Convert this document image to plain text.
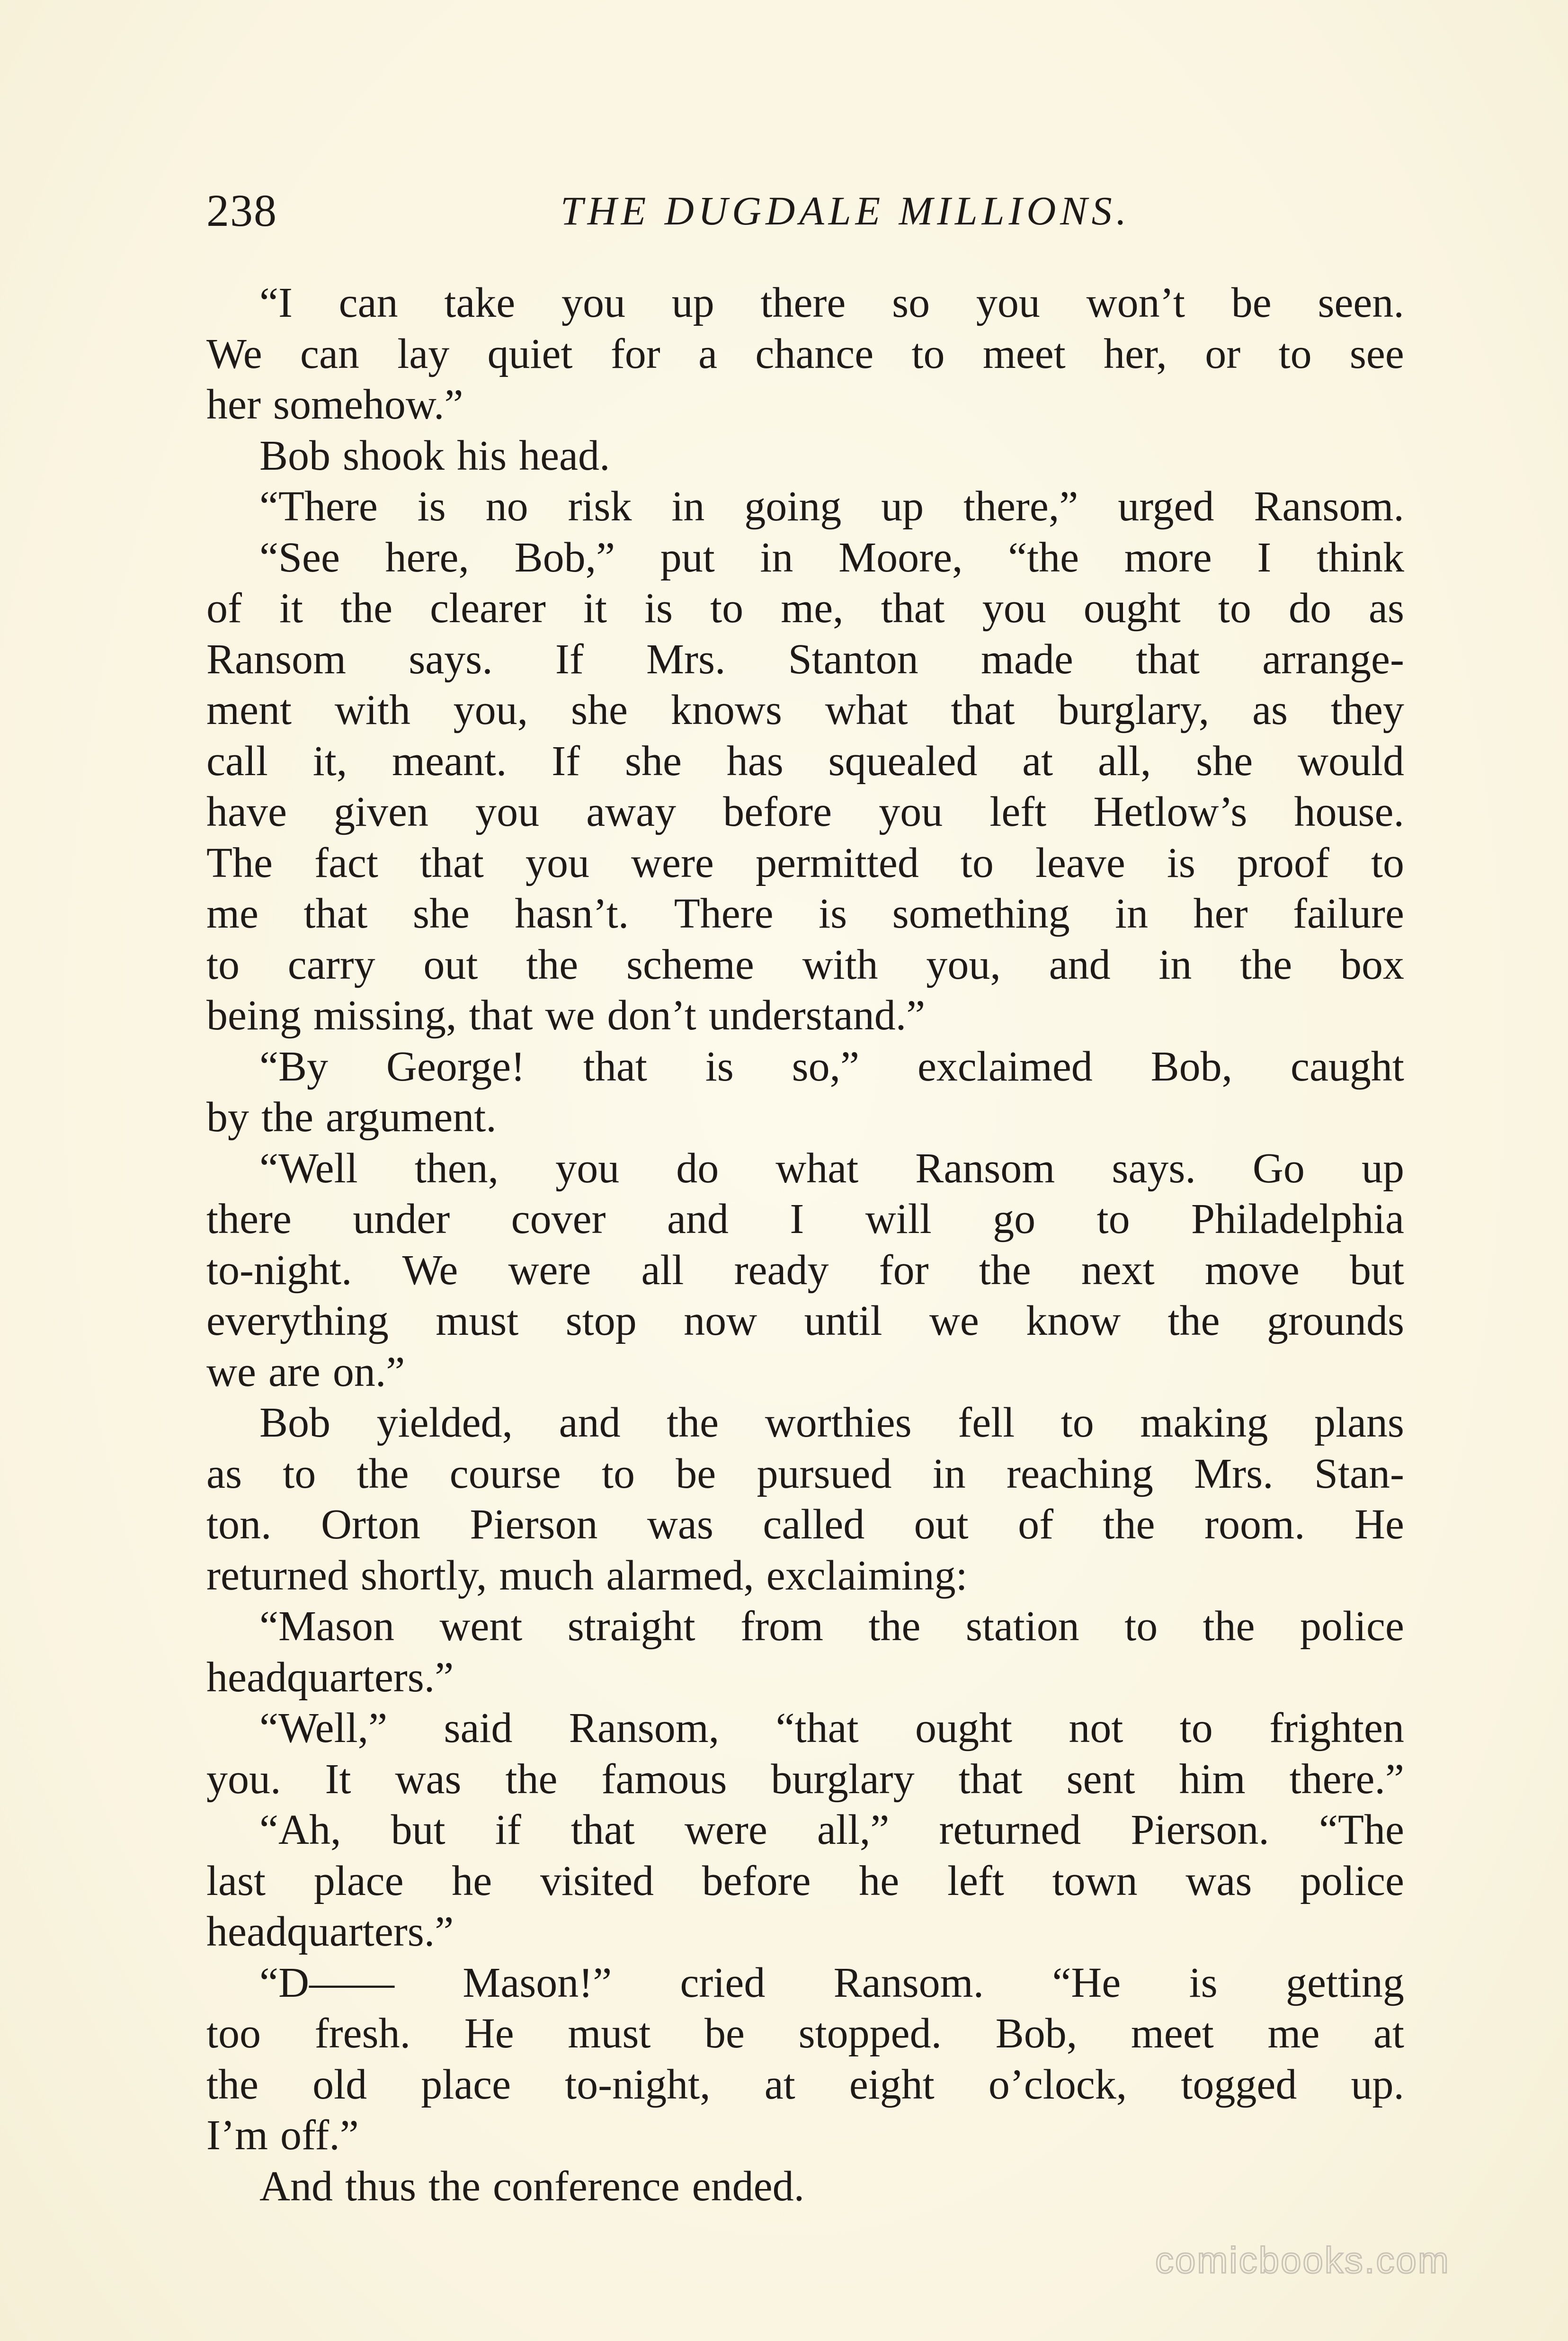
238	THE DUGDALE MILLIONS.
“I can take you up there so you won’t be seen.
We can lay quiet for a chance to meet her, or to see
her somehow.”
Bob shook his head.
“There is no risk in going up there,” urged Ransom.
“See here, Bob,” put in Moore, “the more I think
of it the clearer it is to me, that you ought to do as
Ransom says. If Mrs. Stanton made that arrange-
ment with you, she knows what that burglary, as they
call it, meant. If she has squealed at all, she would
have given you away before you left Hetlow’s house.
The fact that you were permitted to leave is proof to
me that she hasn’t. There is something in her failure
to carry out the scheme with you, and in the box
being missing, that we don’t understand.”
“By George! that is so,” exclaimed Bob, caught
by the argument.
“Well then, you do what Ransom says. Go up
there under cover and I will go to Philadelphia
to-night. We were all ready for the next move but
everything must stop now until we know the grounds
we are on.”
Bob yielded, and the worthies fell to making plans
as to the course to be pursued in reaching Mrs. Stan-
ton. Orton Pierson was called out of the room. He
returned shortly, much alarmed, exclaiming:
“Mason went straight from the station to the police
headquarters.”
“Well,” said Ransom, “that ought not to frighten
you. It was the famous burglary that sent him there.”
“Ah, but if that were all,” returned Pierson. “The
last place he visited before he left town was police
headquarters.”
“D—— Mason!” cried Ransom. “He is getting
too fresh. He must be stopped. Bob, meet me at
the old place to-night, at eight o’clock, togged up.
I’m off.”
And thus the conference ended.
comicbooks.com
